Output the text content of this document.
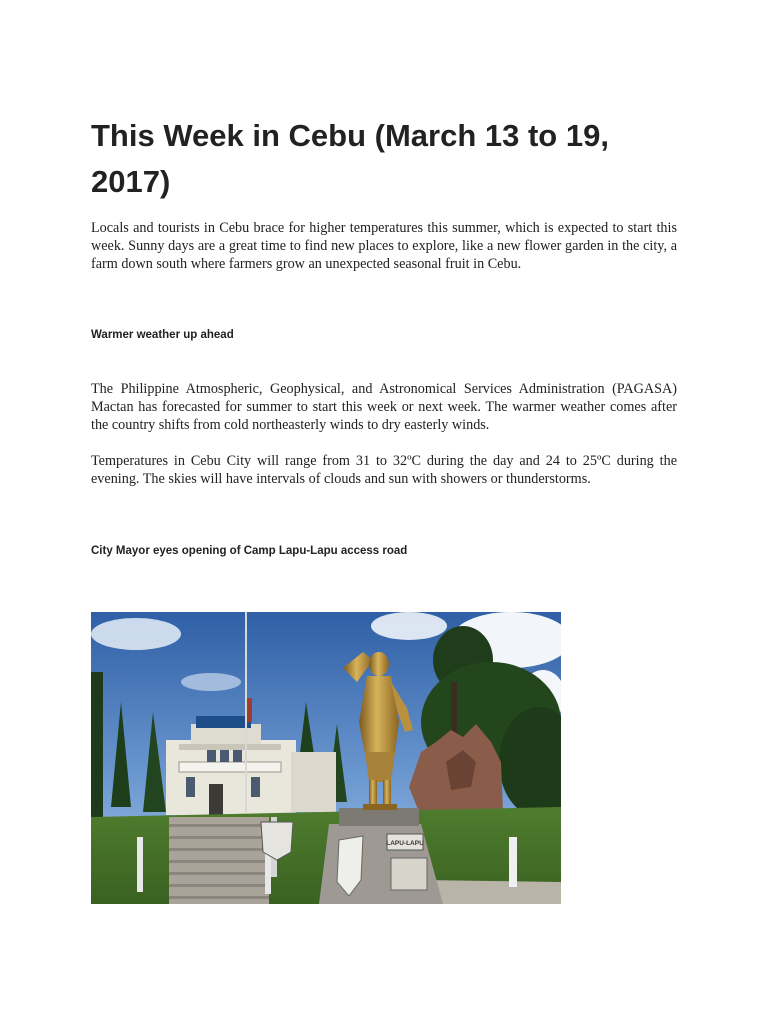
This Week in Cebu (March 13 to 19, 2017)

Locals and tourists in Cebu brace for higher temperatures this summer, which is expected to start this week. Sunny days are a great time to find new places to explore, like a new flower garden in the city, a farm down south where farmers grow an unexpected seasonal fruit in Cebu.

Warmer weather up ahead

The Philippine Atmospheric, Geophysical, and Astronomical Services Administration (PAGASA) Mactan has forecasted for summer to start this week or next week. The warmer weather comes after the country shifts from cold northeasterly winds to dry easterly winds.

Temperatures in Cebu City will range from 31 to 32ºC during the day and 24 to 25ºC during the evening. The skies will have intervals of clouds and sun with showers or thunderstorms.

City Mayor eyes opening of Camp Lapu-Lapu access road
LAPU-LAPU
